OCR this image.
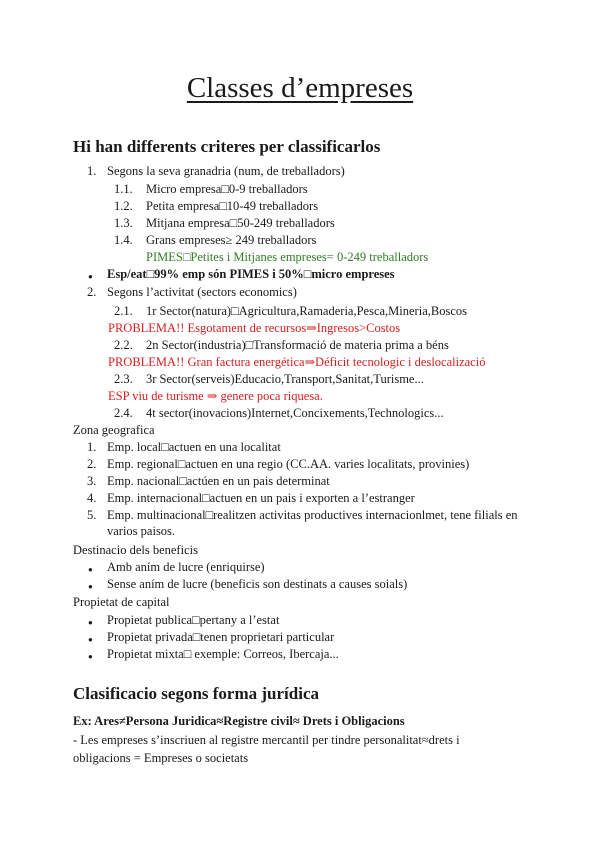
Classes d’empreses
Hi han differents criteres per classificarlos
1. Segons la seva granadria (num, de treballadors)
1.1. Micro empresa□0-9 treballadors
1.2. Petita empresa□10-49 treballadors
1.3. Mitjana empresa□50-249 treballadors
1.4. Grans empreses≥ 249 treballadors
PIMES□Petites i Mitjanes empreses= 0-249 treballadors
● Esp/eat□99% emp són PIMES i 50%□micro empreses
2. Segons l’activitat (sectors economics)
2.1. 1r Sector(natura)□Agricultura,Ramaderia,Pesca,Mineria,Boscos
PROBLEMA!! Esgotament de recursos⇒Ingresos>Costos
2.2. 2n Sector(industria)□Transformació de materia prima a béns
PROBLEMA!! Gran factura energética⇒Déficit tecnologic i deslocalizació
2.3. 3r Sector(serveis)Educacio,Transport,Sanitat,Turisme...
ESP viu de turisme ⇒ genere poca riquesa.
2.4. 4t sector(inovacions)Internet,Concixements,Technologics...
Zona geografica
1. Emp. local□actuen en una localitat
2. Emp. regional□actuen en una regio (CC.AA. varies localitats, provinies)
3. Emp. nacional□actúen en un pais determinat
4. Emp. internacional□actuen en un pais i exporten a l’estranger
5. Emp. multinacional□realitzen activitas productives internacionlmet, tene filials en varios paisos.
Destinacio dels beneficis
● Amb aním de lucre (enriquirse)
● Sense aním de lucre (beneficis son destinats a causes soials)
Propietat de capital
● Propietat publica□pertany a l’estat
● Propietat privada□tenen proprietari particular
● Propietat mixta□ exemple: Correos, Ibercaja...
Clasificacio segons forma jurídica
Ex: Ares≠Persona Juridica≈Registre civil≈ Drets i Obligacions
- Les empreses s’inscriuen al registre mercantil per tindre personalitat≈drets i obligacions = Empreses o societats
